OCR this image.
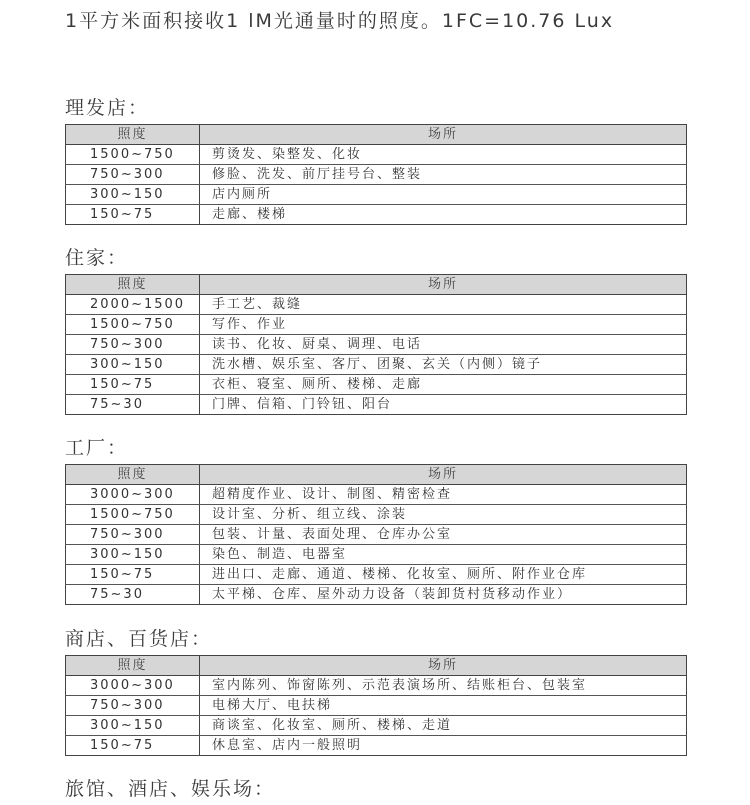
1平方米面积接收1 lM光通量时的照度。1FC=10.76 Lux

理发店：
照度	场所
1500~750	剪烫发、染整发、化妆
750~300	修脸、洗发、前厅挂号台、整装
300~150	店内厕所
150~75	走廊、楼梯
住家：
照度	场所
2000~1500	手工艺、裁缝
1500~750	写作、作业
750~300	读书、化妆、厨桌、调理、电话
300~150	洗水槽、娱乐室、客厅、团聚、玄关（内侧）镜子
150~75	衣柜、寝室、厕所、楼梯、走廊
75~30	门牌、信箱、门铃钮、阳台
工厂：
照度	场所
3000~300	超精度作业、设计、制图、精密检查
1500~750	设计室、分析、组立线、涂装
750~300	包装、计量、表面处理、仓库办公室
300~150	染色、制造、电器室
150~75	进出口、走廊、通道、楼梯、化妆室、厕所、附作业仓库
75~30	太平梯、仓库、屋外动力设备（装卸货村货移动作业）
商店、百货店：
照度	场所
3000~300	室内陈列、饰窗陈列、示范表演场所、结账柜台、包装室
750~300	电梯大厅、电扶梯
300~150	商谈室、化妆室、厕所、楼梯、走道
150~75	休息室、店内一般照明
旅馆、酒店、娱乐场：
